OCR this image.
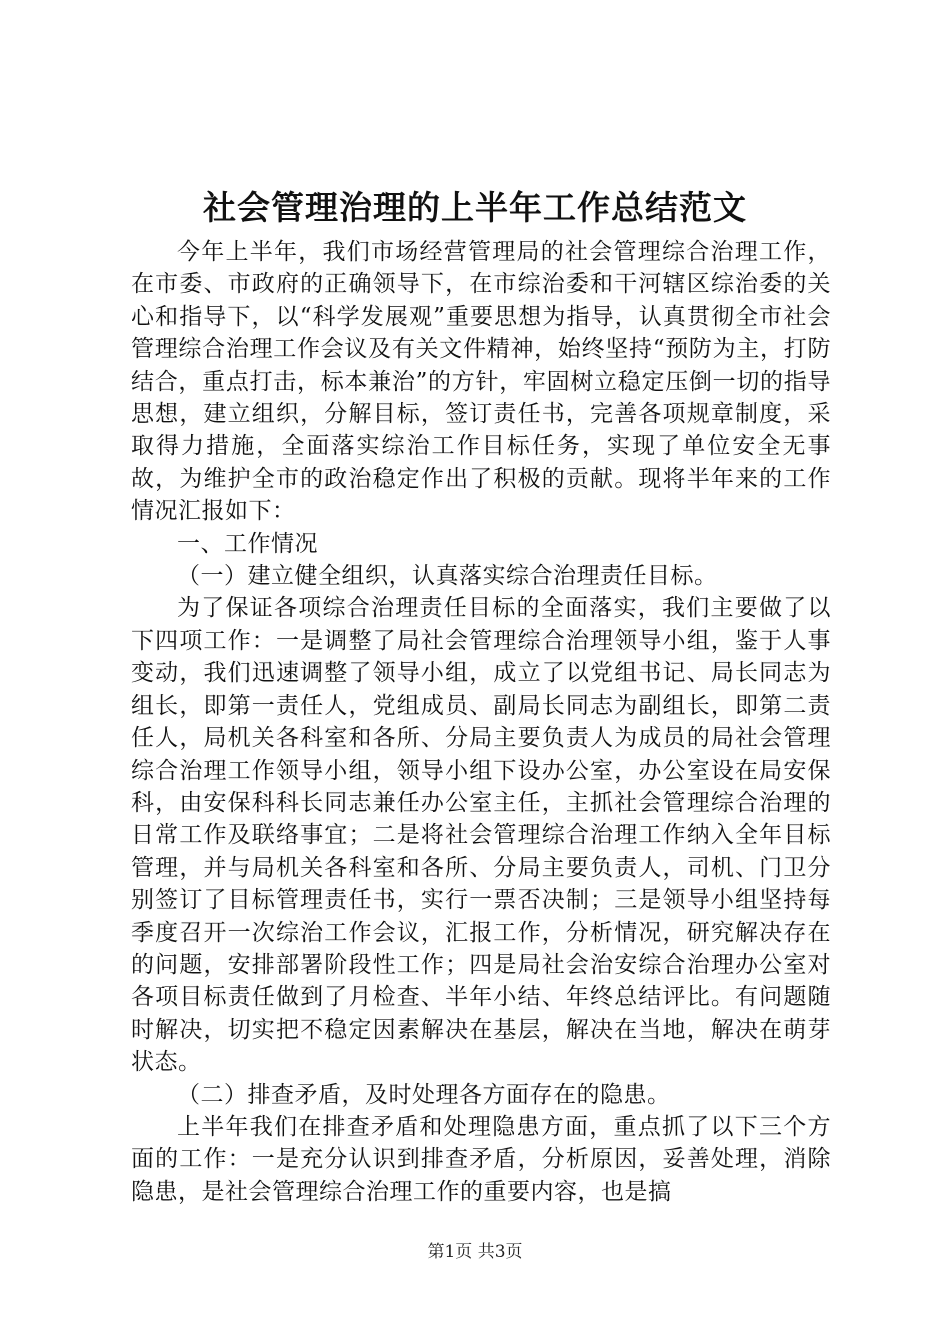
社会管理治理的上半年工作总结范文

今年上半年，我们市场经营管理局的社会管理综合治理工作，在市委、市政府的正确领导下，在市综治委和干河辖区综治委的关心和指导下，以“科学发展观”重要思想为指导，认真贯彻全市社会管理综合治理工作会议及有关文件精神，始终坚持“预防为主，打防结合，重点打击，标本兼治”的方针，牢固树立稳定压倒一切的指导思想，建立组织，分解目标，签订责任书，完善各项规章制度，采取得力措施，全面落实综治工作目标任务，实现了单位安全无事故，为维护全市的政治稳定作出了积极的贡献。现将半年来的工作情况汇报如下：

一、工作情况

（一）建立健全组织，认真落实综合治理责任目标。

为了保证各项综合治理责任目标的全面落实，我们主要做了以下四项工作：一是调整了局社会管理综合治理领导小组，鉴于人事变动，我们迅速调整了领导小组，成立了以党组书记、局长同志为组长，即第一责任人，党组成员、副局长同志为副组长，即第二责任人，局机关各科室和各所、分局主要负责人为成员的局社会管理综合治理工作领导小组，领导小组下设办公室，办公室设在局安保科，由安保科科长同志兼任办公室主任，主抓社会管理综合治理的日常工作及联络事宜；二是将社会管理综合治理工作纳入全年目标管理，并与局机关各科室和各所、分局主要负责人，司机、门卫分别签订了目标管理责任书，实行一票否决制；三是领导小组坚持每季度召开一次综治工作会议，汇报工作，分析情况，研究解决存在的问题，安排部署阶段性工作；四是局社会治安综合治理办公室对各项目标责任做到了月检查、半年小结、年终总结评比。有问题随时解决，切实把不稳定因素解决在基层，解决在当地，解决在萌芽状态。

（二）排查矛盾，及时处理各方面存在的隐患。

上半年我们在排查矛盾和处理隐患方面，重点抓了以下三个方面的工作：一是充分认识到排查矛盾，分析原因，妥善处理，消除隐患，是社会管理综合治理工作的重要内容，也是搞

第1页 共3页
